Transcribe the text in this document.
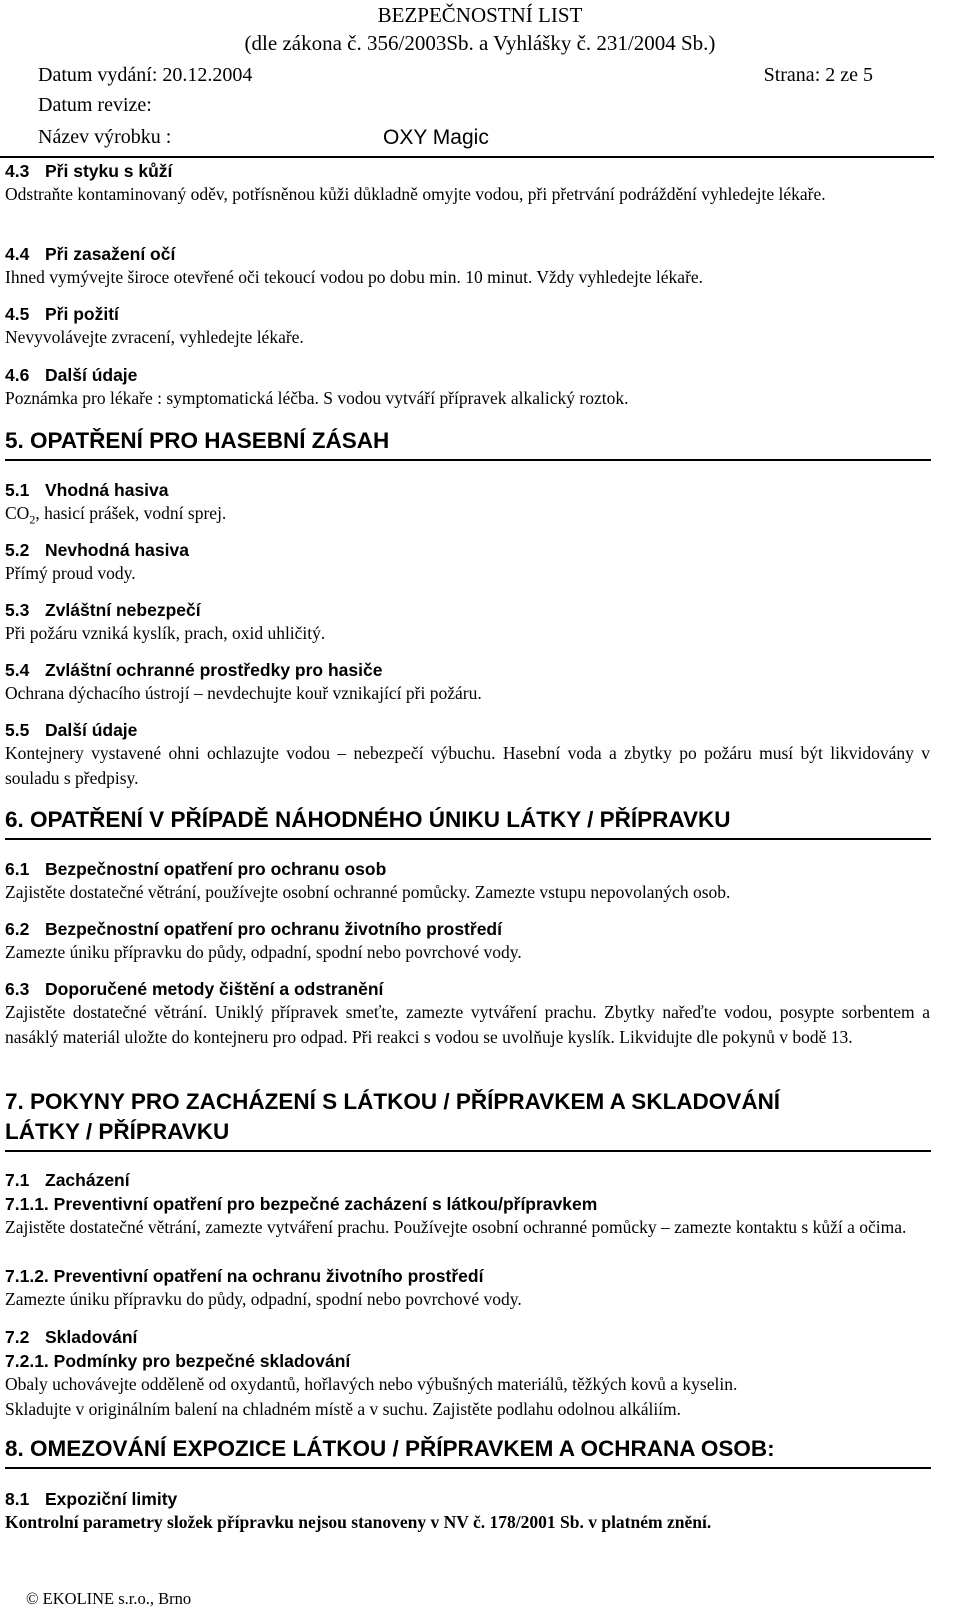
BEZPEČNOSTNÍ LIST
(dle zákona č. 356/2003Sb. a Vyhlášky č. 231/2004 Sb.)
Datum vydání: 20.12.2004	Strana: 2 ze 5
Datum revize:
Název výrobku :	OXY Magic
4.3 Při styku s kůží
Odstraňte kontaminovaný oděv, potřísněnou kůži důkladně omyjte vodou, při přetrvání podráždění vyhledejte lékaře.
4.4 Při zasažení očí
Ihned vymývejte široce otevřené oči tekoucí vodou po dobu min. 10 minut. Vždy vyhledejte lékaře.
4.5 Při požití
Nevyvolávejte zvracení, vyhledejte lékaře.
4.6 Další údaje
Poznámka pro lékaře : symptomatická léčba. S vodou vytváří přípravek alkalický roztok.
5. OPATŘENÍ PRO HASEBNÍ ZÁSAH
5.1 Vhodná hasiva
$CO_2$, hasicí prášek, vodní sprej.
5.2 Nevhodná hasiva
Přímý proud vody.
5.3 Zvláštní nebezpečí
Při požáru vzniká kyslík, prach, oxid uhličitý.
5.4 Zvláštní ochranné prostředky pro hasiče
Ochrana dýchacího ústrojí – nevdechujte kouř vznikající při požáru.
5.5 Další údaje
Kontejnery vystavené ohni ochlazujte vodou – nebezpečí výbuchu. Hasební voda a zbytky po požáru musí být likvidovány v souladu s předpisy.
6. OPATŘENÍ V PŘÍPADĚ NÁHODNÉHO ÚNIKU LÁTKY / PŘÍPRAVKU
6.1 Bezpečnostní opatření pro ochranu osob
Zajistěte dostatečné větrání, používejte osobní ochranné pomůcky. Zamezte vstupu nepovolaných osob.
6.2 Bezpečnostní opatření pro ochranu životního prostředí
Zamezte úniku přípravku do půdy, odpadní, spodní nebo povrchové vody.
6.3 Doporučené metody čištění a odstranění
Zajistěte dostatečné větrání. Uniklý přípravek smeťte, zamezte vytváření prachu. Zbytky nařeďte vodou, posypte sorbentem a nasáklý materiál uložte do kontejneru pro odpad. Při reakci s vodou se uvolňuje kyslík. Likvidujte dle pokynů v bodě 13.
7. POKYNY PRO ZACHÁZENÍ S LÁTKOU / PŘÍPRAVKEM A SKLADOVÁNÍ
LÁTKY / PŘÍPRAVKU
7.1 Zacházení
7.1.1. Preventivní opatření pro bezpečné zacházení s látkou/přípravkem
Zajistěte dostatečné větrání, zamezte vytváření prachu. Používejte osobní ochranné pomůcky – zamezte kontaktu s kůží a očima.
7.1.2. Preventivní opatření na ochranu životního prostředí
Zamezte úniku přípravku do půdy, odpadní, spodní nebo povrchové vody.
7.2 Skladování
7.2.1. Podmínky pro bezpečné skladování
Obaly uchovávejte odděleně od oxydantů, hořlavých nebo výbušných materiálů, těžkých kovů a kyselin.
Skladujte v originálním balení na chladném místě a v suchu. Zajistěte podlahu odolnou alkáliím.
8. OMEZOVÁNÍ EXPOZICE LÁTKOU / PŘÍPRAVKEM A OCHRANA OSOB:
8.1 Expoziční limity
Kontrolní parametry složek přípravku nejsou stanoveny v NV č. 178/2001 Sb. v platném znění.
© EKOLINE s.r.o., Brno
